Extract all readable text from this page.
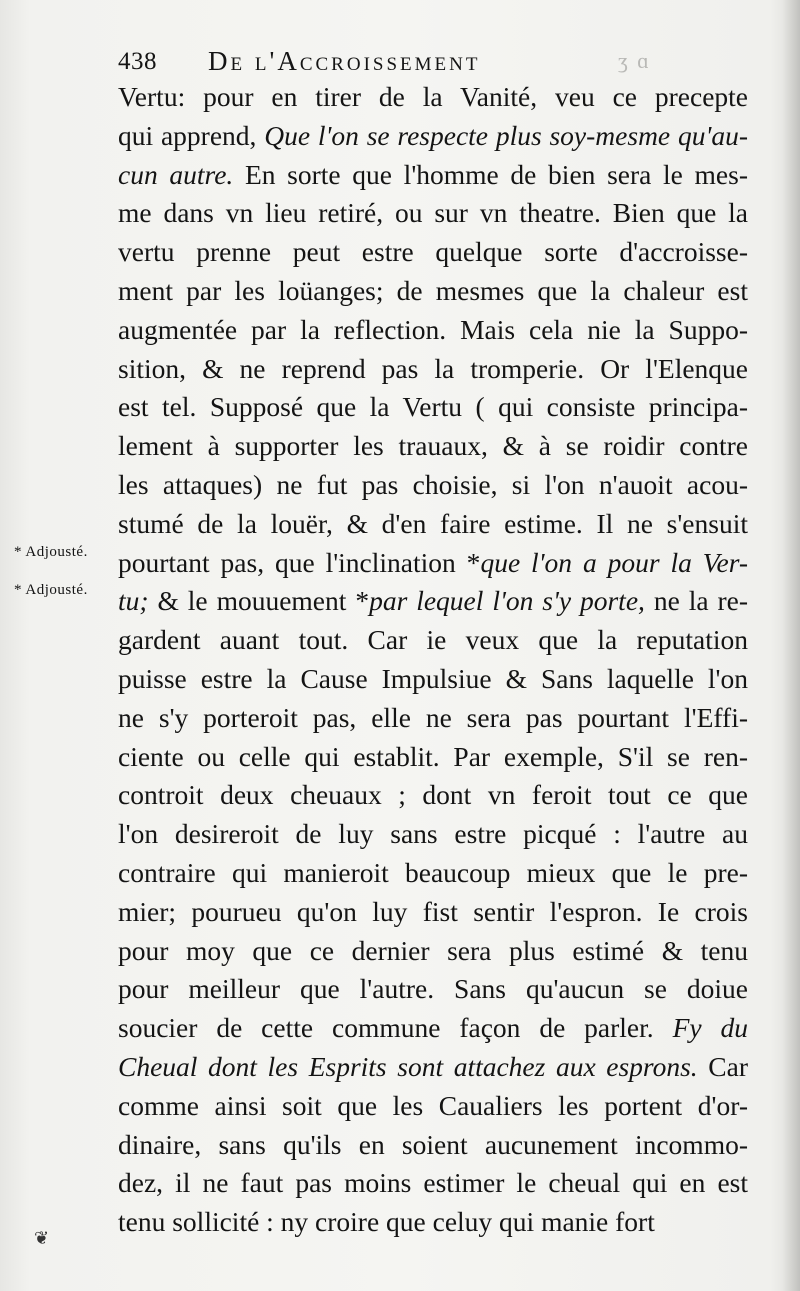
438 De l'Accroissement	ʒ ɑ
Vertu: pour en tirer de la Vanité, veu ce precepte
qui apprend, Que l'on se respecte plus soy-mesme qu'au-
cun autre. En sorte que l'homme de bien sera le mes-
me dans vn lieu retiré, ou sur vn theatre. Bien que la
vertu prenne peut estre quelque sorte d'accroisse-
ment par les loüanges; de mesmes que la chaleur est
augmentée par la reflection. Mais cela nie la Suppo-
sition, & ne reprend pas la tromperie. Or l'Elenque
est tel. Supposé que la Vertu ( qui consiste principa-
lement à supporter les trauaux, & à se roidir contre
les attaques) ne fut pas choisie, si l'on n'auoit acou-
stumé de la louër, & d'en faire estime. Il ne s'ensuit
pourtant pas, que l'inclination *que l'on a pour la Ver-
tu; & le mouuement *par lequel l'on s'y porte, ne la re-
gardent auant tout. Car ie veux que la reputation
puisse estre la Cause Impulsiue & Sans laquelle l'on
ne s'y porteroit pas, elle ne sera pas pourtant l'Effi-
ciente ou celle qui establit. Par exemple, S'il se ren-
controit deux cheuaux ; dont vn feroit tout ce que
l'on desireroit de luy sans estre picqué : l'autre au
contraire qui manieroit beaucoup mieux que le pre-
mier; pourueu qu'on luy fist sentir l'espron. Ie crois
pour moy que ce dernier sera plus estimé & tenu
pour meilleur que l'autre. Sans qu'aucun se doiue
soucier de cette commune façon de parler. Fy du
Cheual dont les Esprits sont attachez aux esprons. Car
comme ainsi soit que les Caualiers les portent d'or-
dinaire, sans qu'ils en soient aucunement incommo-
dez, il ne faut pas moins estimer le cheual qui en est
tenu sollicité : ny croire que celuy qui manie fort
* Adjousté.
* Adjousté.
❦
